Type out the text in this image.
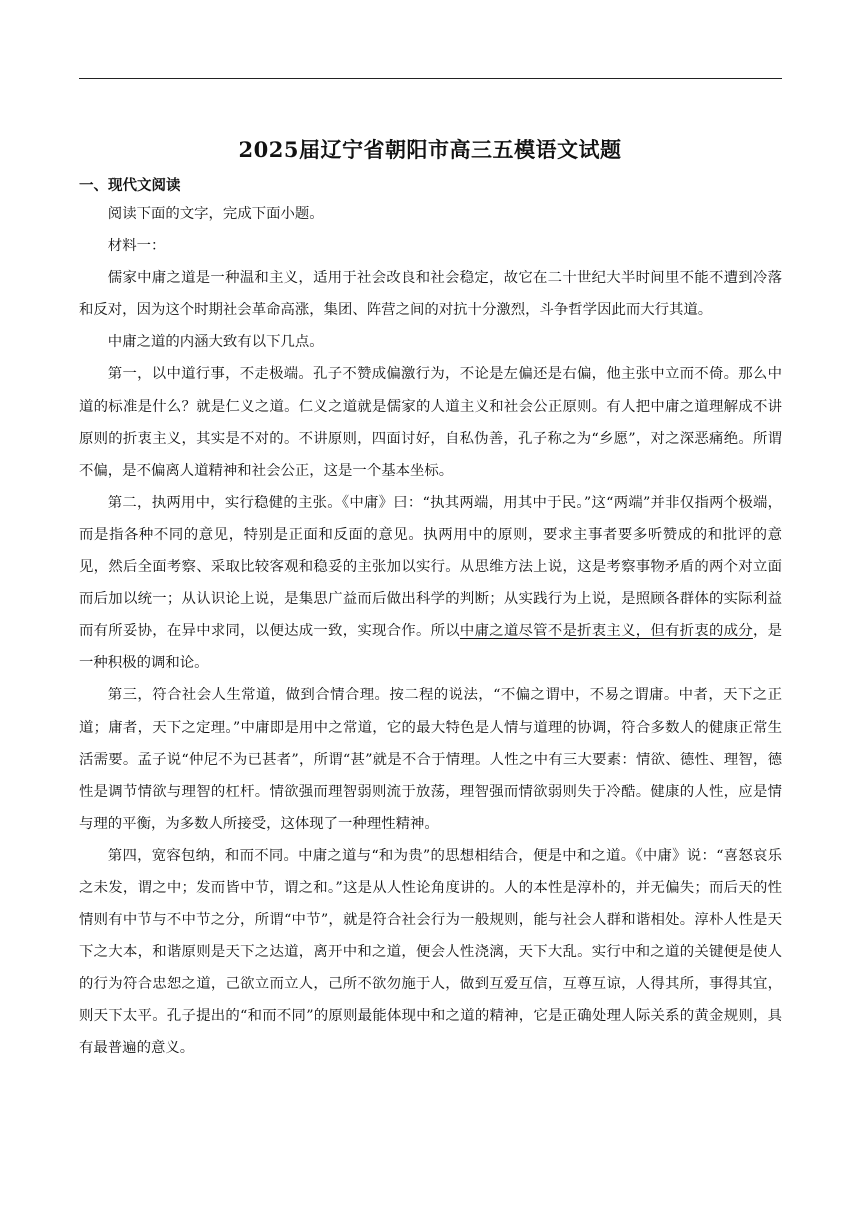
2025届辽宁省朝阳市高三五模语文试题
一、现代文阅读

阅读下面的文字，完成下面小题。

材料一：

儒家中庸之道是一种温和主义，适用于社会改良和社会稳定，故它在二十世纪大半时间里不能不遭到冷落和反对，因为这个时期社会革命高涨，集团、阵营之间的对抗十分激烈，斗争哲学因此而大行其道。

中庸之道的内涵大致有以下几点。

第一，以中道行事，不走极端。孔子不赞成偏激行为，不论是左偏还是右偏，他主张中立而不倚。那么中道的标准是什么？就是仁义之道。仁义之道就是儒家的人道主义和社会公正原则。有人把中庸之道理解成不讲原则的折衷主义，其实是不对的。不讲原则，四面讨好，自私伪善，孔子称之为“乡愿”，对之深恶痛绝。所谓不偏，是不偏离人道精神和社会公正，这是一个基本坐标。

第二，执两用中，实行稳健的主张。《中庸》曰：“执其两端，用其中于民。”这“两端”并非仅指两个极端，而是指各种不同的意见，特别是正面和反面的意见。执两用中的原则，要求主事者要多听赞成的和批评的意见，然后全面考察、采取比较客观和稳妥的主张加以实行。从思维方法上说，这是考察事物矛盾的两个对立面而后加以统一；从认识论上说，是集思广益而后做出科学的判断；从实践行为上说，是照顾各群体的实际利益而有所妥协，在异中求同，以便达成一致，实现合作。所以中庸之道尽管不是折衷主义，但有折衷的成分，是一种积极的调和论。

第三，符合社会人生常道，做到合情合理。按二程的说法，“不偏之谓中，不易之谓庸。中者，天下之正道；庸者，天下之定理。”中庸即是用中之常道，它的最大特色是人情与道理的协调，符合多数人的健康正常生活需要。孟子说“仲尼不为已甚者”，所谓“甚”就是不合于情理。人性之中有三大要素：情欲、德性、理智，德性是调节情欲与理智的杠杆。情欲强而理智弱则流于放荡，理智强而情欲弱则失于冷酷。健康的人性，应是情与理的平衡，为多数人所接受，这体现了一种理性精神。

第四，宽容包纳，和而不同。中庸之道与“和为贵”的思想相结合，便是中和之道。《中庸》说：“喜怒哀乐之未发，谓之中；发而皆中节，谓之和。”这是从人性论角度讲的。人的本性是淳朴的，并无偏失；而后天的性情则有中节与不中节之分，所谓“中节”，就是符合社会行为一般规则，能与社会人群和谐相处。淳朴人性是天下之大本，和谐原则是天下之达道，离开中和之道，便会人性浇漓，天下大乱。实行中和之道的关键便是使人的行为符合忠恕之道，己欲立而立人，己所不欲勿施于人，做到互爱互信，互尊互谅，人得其所，事得其宜，则天下太平。孔子提出的“和而不同”的原则最能体现中和之道的精神，它是正确处理人际关系的黄金规则，具有最普遍的意义。
